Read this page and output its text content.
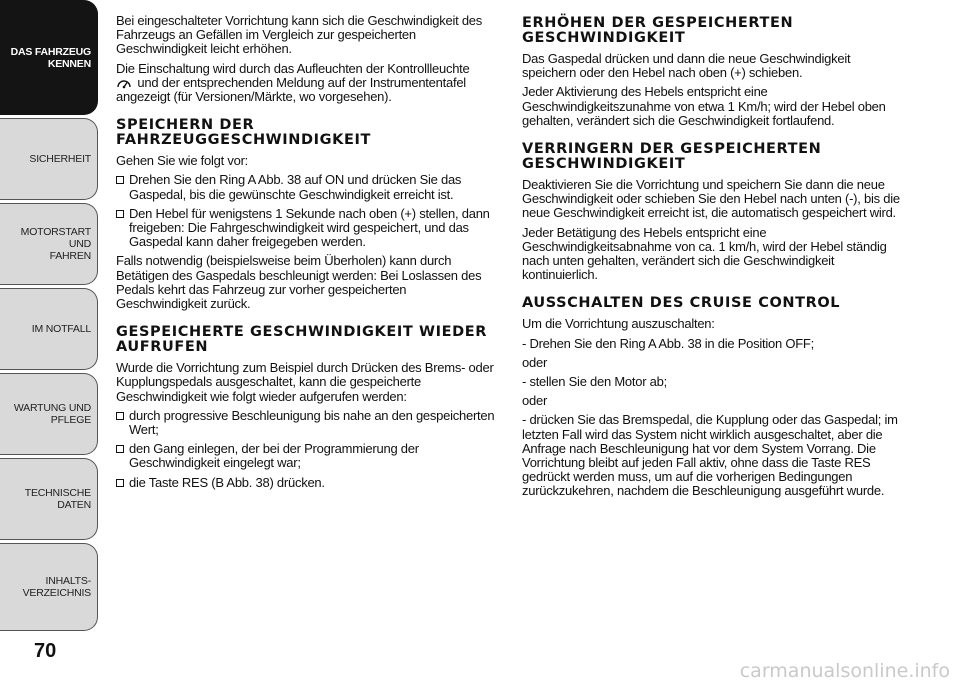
DAS FAHRZEUG
KENNEN
SICHERHEIT
MOTORSTART UND
FAHREN
IM NOTFALL
WARTUNG UND
PFLEGE
TECHNISCHE DATEN
INHALTS-
VERZEICHNIS
70

Bei eingeschalteter Vorrichtung kann sich die Geschwindigkeit des Fahrzeugs an Gefällen im Vergleich zur gespeicherten Geschwindigkeit leicht erhöhen.

Die Einschaltung wird durch das Aufleuchten der Kontrollleuchte
und der entsprechenden Meldung auf der Instrumententafel angezeigt (für Versionen/Märkte, wo vorgesehen).

SPEICHERN DER FAHRZEUGGESCHWINDIGKEIT

Gehen Sie wie folgt vor:

Drehen Sie den Ring A Abb. 38 auf ON und drücken Sie das Gaspedal, bis die gewünschte Geschwindigkeit erreicht ist.

Den Hebel für wenigstens 1 Sekunde nach oben (+) stellen, dann freigeben: Die Fahrgeschwindigkeit wird gespeichert, und das Gaspedal kann daher freigegeben werden.

Falls notwendig (beispielsweise beim Überholen) kann durch Betätigen des Gaspedals beschleunigt werden: Bei Loslassen des Pedals kehrt das Fahrzeug zur vorher gespeicherten Geschwindigkeit zurück.

GESPEICHERTE GESCHWINDIGKEIT WIEDER AUFRUFEN

Wurde die Vorrichtung zum Beispiel durch Drücken des Brems- oder Kupplungspedals ausgeschaltet, kann die gespeicherte Geschwindigkeit wie folgt wieder aufgerufen werden:

durch progressive Beschleunigung bis nahe an den gespeicherten Wert;

den Gang einlegen, der bei der Programmierung der Geschwindigkeit eingelegt war;

die Taste RES (B Abb. 38) drücken.

ERHÖHEN DER GESPEICHERTEN GESCHWINDIGKEIT

Das Gaspedal drücken und dann die neue Geschwindigkeit speichern oder den Hebel nach oben (+) schieben.

Jeder Aktivierung des Hebels entspricht eine Geschwindigkeitszunahme von etwa 1 Km/h; wird der Hebel oben gehalten, verändert sich die Geschwindigkeit fortlaufend.

VERRINGERN DER GESPEICHERTEN GESCHWINDIGKEIT

Deaktivieren Sie die Vorrichtung und speichern Sie dann die neue Geschwindigkeit oder schieben Sie den Hebel nach unten (-), bis die neue Geschwindigkeit erreicht ist, die automatisch gespeichert wird.

Jeder Betätigung des Hebels entspricht eine Geschwindigkeitsabnahme von ca. 1 km/h, wird der Hebel ständig nach unten gehalten, verändert sich die Geschwindigkeit kontinuierlich.

AUSSCHALTEN DES CRUISE CONTROL

Um die Vorrichtung auszuschalten:

- Drehen Sie den Ring A Abb. 38 in die Position OFF;

oder

- stellen Sie den Motor ab;

oder

- drücken Sie das Bremspedal, die Kupplung oder das Gaspedal; im letzten Fall wird das System nicht wirklich ausgeschaltet, aber die Anfrage nach Beschleunigung hat vor dem System Vorrang. Die Vorrichtung bleibt auf jeden Fall aktiv, ohne dass die Taste RES gedrückt werden muss, um auf die vorherigen Bedingungen zurückzukehren, nachdem die Beschleunigung ausgeführt wurde.

carmanualsonline.info
